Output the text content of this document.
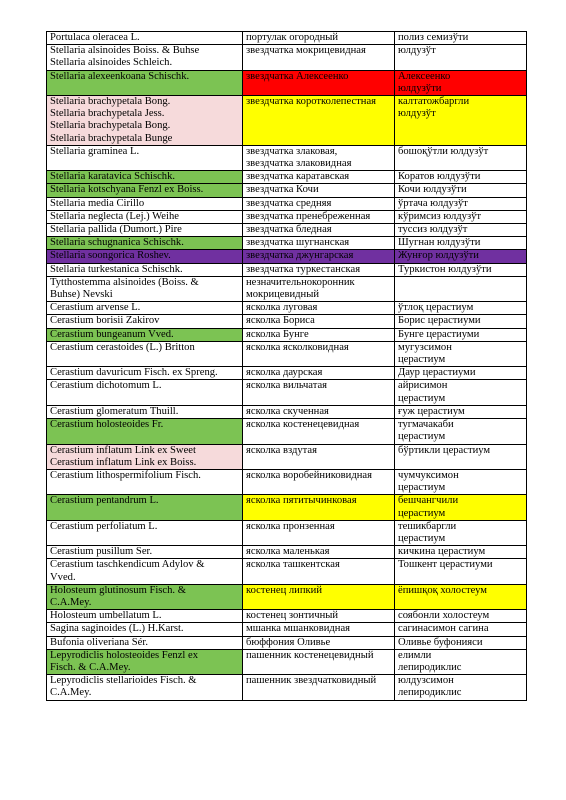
Portulaca oleracea L.	портулак огородный	полиз семизўти

Stellaria alsinoides Boiss. & Buhse
Stellaria alsinoides Schleich.	звездчатка мокрицевидная	юлдузўт

Stellaria alexeenkoana Schischk.	звездчатка Алексеенко	Алексеенко
юлдузўти

Stellaria brachypetala Bong.
Stellaria brachypetala Jess.
Stellaria brachypetala Bong.
Stellaria brachypetala Bunge	звездчатка коротколепестная	калтатожбаргли
юлдузўт

Stellaria graminea L.	звездчатка злаковая,
звездчатка злаковидная	бошоқўтли юлдузўт

Stellaria karatavica Schischk.	звездчатка каратавская	Коратов юлдузўти

Stellaria kotschyana Fenzl ex Boiss.	звездчатка Кочи	Кочи юлдузўти

Stellaria media Cirillo	звездчатка средняя	ўртача юлдузўт

Stellaria neglecta (Lej.) Weihe	звездчатка пренебреженная	кўримсиз юлдузўт

Stellaria pallida (Dumort.) Pire	звездчатка бледная	туссиз юлдузўт

Stellaria schugnanica Schischk.	звездчатка шугнанская	Шугнан юлдузўти

Stellaria soongorica Roshev.	звездчатка джунгарская	Жунғор юлдузўти

Stellaria turkestanica Schischk.	звездчатка туркестанская	Туркистон юлдузўти

Tytthostemma alsinoides (Boiss. &
Buhse) Nevski	незначительнокоронник
мокрицевидный	

Cerastium arvense L.	ясколка луговая	ўтлоқ церастиум

Cerastium borisii Zakirov	ясколка Бориса	Борис церастиуми

Cerastium bungeanum Vved.	ясколка Бунге	Бунге церастиуми

Cerastium cerastoides (L.) Britton	ясколка ясколковидная	мугузсимон
церастиум

Cerastium davuricum Fisch. ex Spreng.	ясколка даурская	Даур церастиуми

Cerastium dichotomum L.	ясколка вильчатая	айрисимон
церастиум

Cerastium glomeratum Thuill.	ясколка скученная	ғуж церастиум

Cerastium holosteoides Fr.	ясколка костенецевидная	тугмачакаби
церастиум

Cerastium inflatum Link ex Sweet
Cerastium inflatum Link ex Boiss.	ясколка вздутая	бўртикли церастиум

Cerastium lithospermifolium Fisch.	ясколка воробейниковидная	чумчуксимон
церастиум

Cerastium pentandrum L.	ясколка пятитычинковая	бешчангчили
церастиум

Cerastium perfoliatum L.	ясколка пронзенная	тешикбаргли
церастиум

Cerastium pusillum Ser.	ясколка маленькая	кичкина церастиум

Cerastium taschkendicum Adylov &
Vved.	ясколка ташкентская	Тошкент церастиуми

Holosteum glutinosum Fisch. &
C.A.Mey.	костенец липкий	ёпишқоқ холостеум

Holosteum umbellatum L.	костенец зонтичный	соябонли холостеум

Sagina saginoides (L.) H.Karst.	мшанка мшанковидная	сагинасимон сагина

Bufonia oliveriana Sér.	бюффония Оливье	Оливье буфонияси

Lepyrodiclis holosteoides Fenzl ex
Fisch. & C.A.Mey.	пашенник костенецевидный	елимли
лепиродиклис

Lepyrodiclis stellarioides Fisch. &
C.A.Mey.	пашенник звездчатковидный	юлдузсимон
лепиродиклис
